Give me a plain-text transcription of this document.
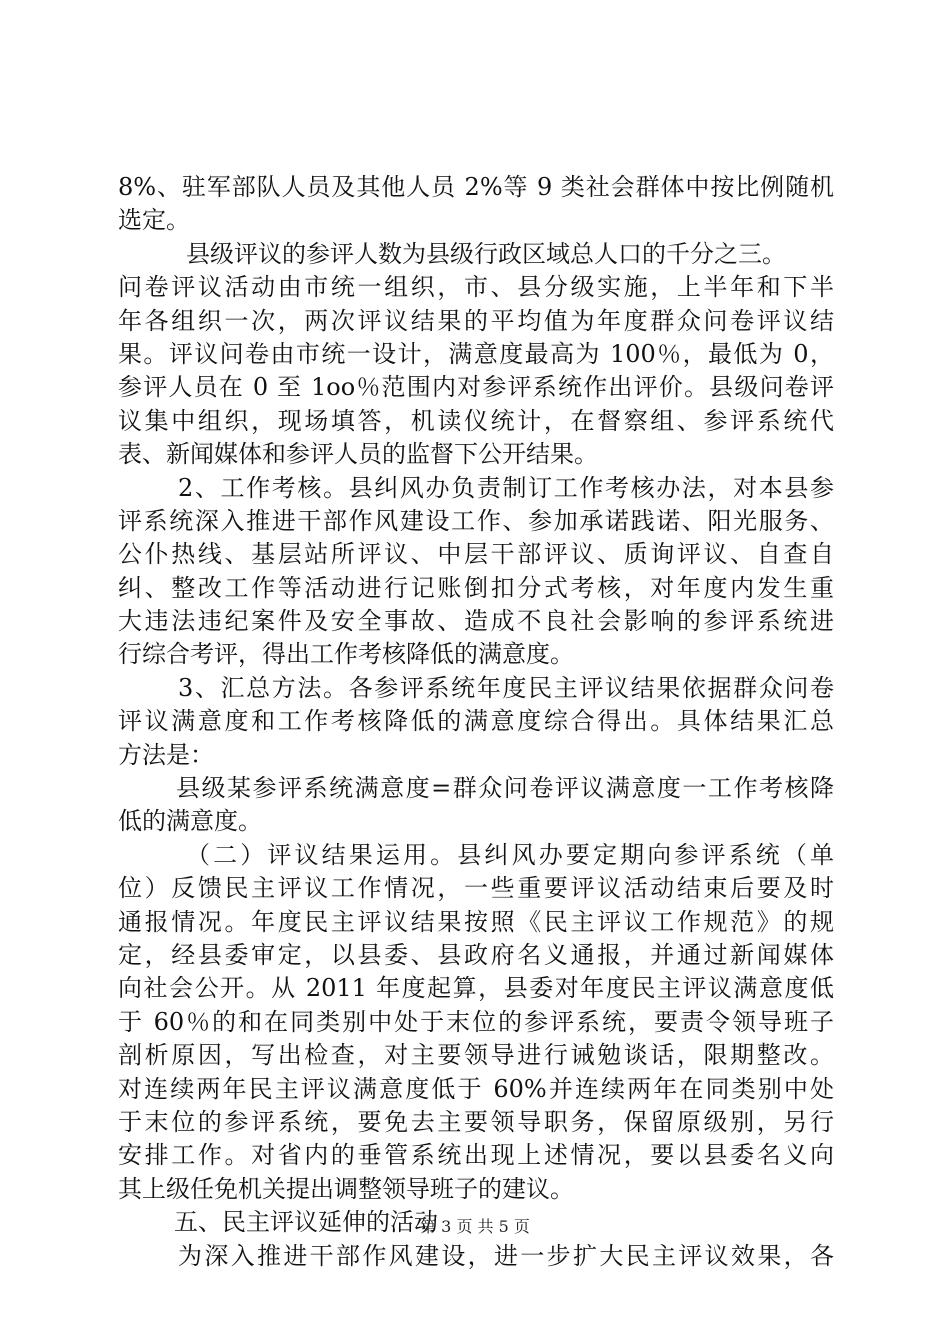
8%、驻军部队人员及其他人员 2%等 9 类社会群体中按比例随机
选定。
县级评议的参评人数为县级行政区域总人口的千分之三。
问卷评议活动由市统一组织，市、县分级实施，上半年和下半
年各组织一次，两次评议结果的平均值为年度群众问卷评议结
果。评议问卷由市统一设计，满意度最高为 100％，最低为 0，
参评人员在 0 至 1oo％范围内对参评系统作出评价。县级问卷评
议集中组织，现场填答，机读仪统计，在督察组、参评系统代
表、新闻媒体和参评人员的监督下公开结果。
2、工作考核。县纠风办负责制订工作考核办法，对本县参
评系统深入推进干部作风建设工作、参加承诺践诺、阳光服务、
公仆热线、基层站所评议、中层干部评议、质询评议、自查自
纠、整改工作等活动进行记账倒扣分式考核，对年度内发生重
大违法违纪案件及安全事故、造成不良社会影响的参评系统进
行综合考评，得出工作考核降低的满意度。
3、汇总方法。各参评系统年度民主评议结果依据群众问卷
评议满意度和工作考核降低的满意度综合得出。具体结果汇总
方法是：
县级某参评系统满意度=群众问卷评议满意度一工作考核降
低的满意度。
（二）评议结果运用。县纠风办要定期向参评系统（单
位）反馈民主评议工作情况，一些重要评议活动结束后要及时
通报情况。年度民主评议结果按照《民主评议工作规范》的规
定，经县委审定，以县委、县政府名义通报，并通过新闻媒体
向社会公开。从 2011 年度起算，县委对年度民主评议满意度低
于 60％的和在同类别中处于末位的参评系统，要责令领导班子
剖析原因，写出检查，对主要领导进行诫勉谈话，限期整改。
对连续两年民主评议满意度低于 60%并连续两年在同类别中处
于末位的参评系统，要免去主要领导职务，保留原级别，另行
安排工作。对省内的垂管系统出现上述情况，要以县委名义向
其上级任免机关提出调整领导班子的建议。
五、民主评议延伸的活动
为深入推进干部作风建设，进一步扩大民主评议效果，各
第 3 页 共 5 页
